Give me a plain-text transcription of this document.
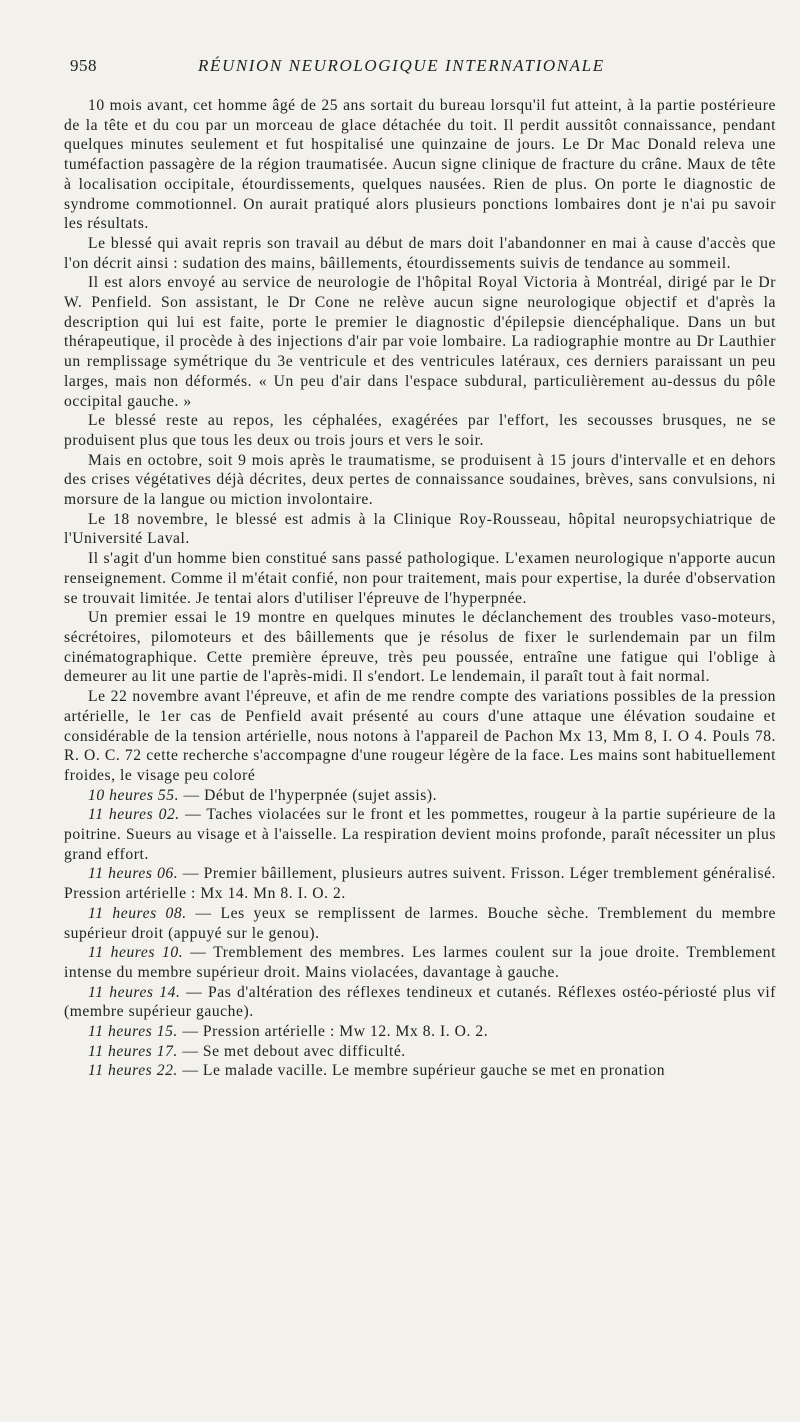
958	RÉUNION NEUROLOGIQUE INTERNATIONALE

10 mois avant, cet homme âgé de 25 ans sortait du bureau lorsqu'il fut atteint, à la partie postérieure de la tête et du cou par un morceau de glace détachée du toit. Il perdit aussitôt connaissance, pendant quelques minutes seulement et fut hospitalisé une quinzaine de jours. Le Dr Mac Donald releva une tuméfaction passagère de la région traumatisée. Aucun signe clinique de fracture du crâne. Maux de tête à localisation occipitale, étourdissements, quelques nausées. Rien de plus. On porte le diagnostic de syndrome commotionnel. On aurait pratiqué alors plusieurs ponctions lombaires dont je n'ai pu savoir les résultats.

Le blessé qui avait repris son travail au début de mars doit l'abandonner en mai à cause d'accès que l'on décrit ainsi : sudation des mains, bâillements, étourdissements suivis de tendance au sommeil.

Il est alors envoyé au service de neurologie de l'hôpital Royal Victoria à Montréal, dirigé par le Dr W. Penfield. Son assistant, le Dr Cone ne relève aucun signe neurologique objectif et d'après la description qui lui est faite, porte le premier le diagnostic d'épilepsie diencéphalique. Dans un but thérapeutique, il procède à des injections d'air par voie lombaire. La radiographie montre au Dr Lauthier un remplissage symétrique du 3e ventricule et des ventricules latéraux, ces derniers paraissant un peu larges, mais non déformés. « Un peu d'air dans l'espace subdural, particulièrement au-dessus du pôle occipital gauche. »

Le blessé reste au repos, les céphalées, exagérées par l'effort, les secousses brusques, ne se produisent plus que tous les deux ou trois jours et vers le soir.

Mais en octobre, soit 9 mois après le traumatisme, se produisent à 15 jours d'intervalle et en dehors des crises végétatives déjà décrites, deux pertes de connaissance soudaines, brèves, sans convulsions, ni morsure de la langue ou miction involontaire.

Le 18 novembre, le blessé est admis à la Clinique Roy-Rousseau, hôpital neuropsychiatrique de l'Université Laval.

Il s'agit d'un homme bien constitué sans passé pathologique. L'examen neurologique n'apporte aucun renseignement. Comme il m'était confié, non pour traitement, mais pour expertise, la durée d'observation se trouvait limitée. Je tentai alors d'utiliser l'épreuve de l'hyperpnée.

Un premier essai le 19 montre en quelques minutes le déclanchement des troubles vaso-moteurs, sécrétoires, pilomoteurs et des bâillements que je résolus de fixer le surlendemain par un film cinématographique. Cette première épreuve, très peu poussée, entraîne une fatigue qui l'oblige à demeurer au lit une partie de l'après-midi. Il s'endort. Le lendemain, il paraît tout à fait normal.

Le 22 novembre avant l'épreuve, et afin de me rendre compte des variations possibles de la pression artérielle, le 1er cas de Penfield avait présenté au cours d'une attaque une élévation soudaine et considérable de la tension artérielle, nous notons à l'appareil de Pachon Mx 13, Mm 8, I. O 4. Pouls 78. R. O. C. 72 cette recherche s'accompagne d'une rougeur légère de la face. Les mains sont habituellement froides, le visage peu coloré

10 heures 55. — Début de l'hyperpnée (sujet assis).

11 heures 02. — Taches violacées sur le front et les pommettes, rougeur à la partie supérieure de la poitrine. Sueurs au visage et à l'aisselle. La respiration devient moins profonde, paraît nécessiter un plus grand effort.

11 heures 06. — Premier bâillement, plusieurs autres suivent. Frisson. Léger tremblement généralisé. Pression artérielle : Mx 14. Mn 8. I. O. 2.

11 heures 08. — Les yeux se remplissent de larmes. Bouche sèche. Tremblement du membre supérieur droit (appuyé sur le genou).

11 heures 10. — Tremblement des membres. Les larmes coulent sur la joue droite. Tremblement intense du membre supérieur droit. Mains violacées, davantage à gauche.

11 heures 14. — Pas d'altération des réflexes tendineux et cutanés. Réflexes ostéo-périosté plus vif (membre supérieur gauche).

11 heures 15. — Pression artérielle : Mw 12. Mx 8. I. O. 2.

11 heures 17. — Se met debout avec difficulté.

11 heures 22. — Le malade vacille. Le membre supérieur gauche se met en pronation
